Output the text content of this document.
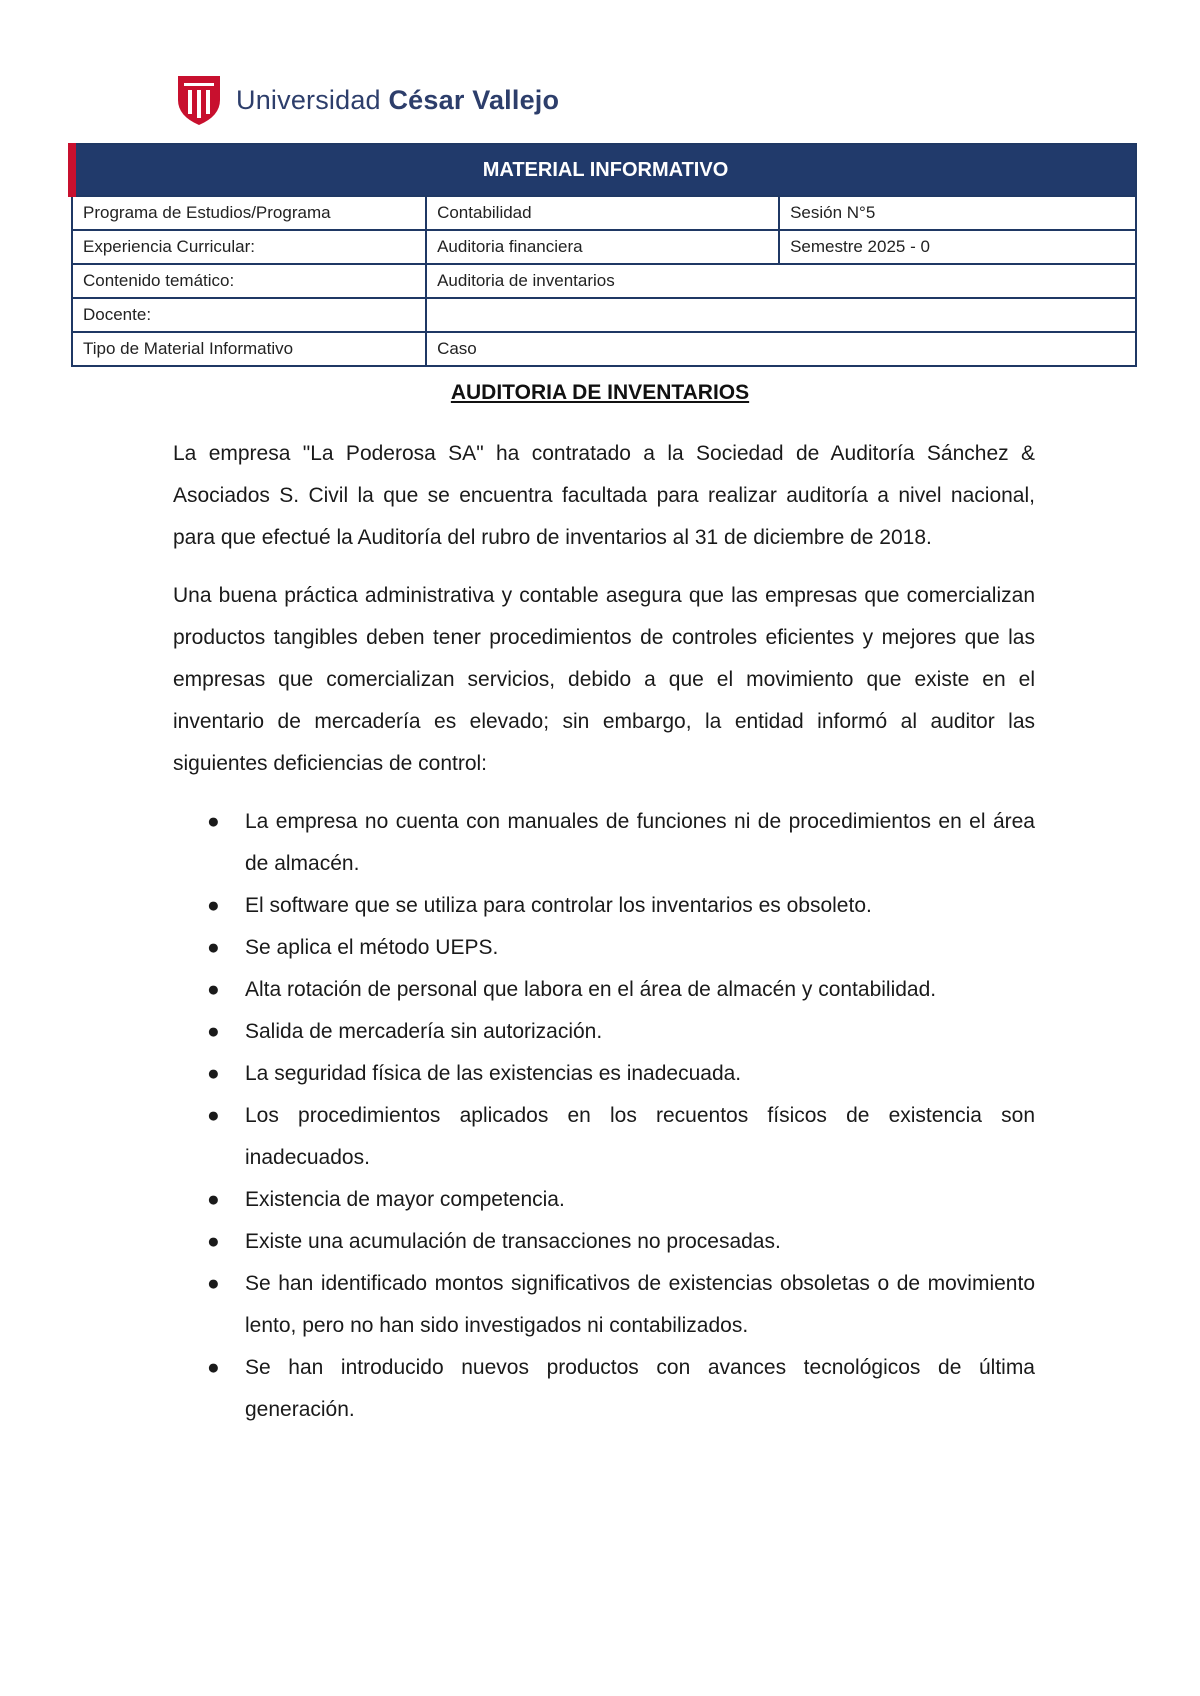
Universidad César Vallejo
MATERIAL INFORMATIVO		
Programa de Estudios/Programa	Contabilidad	Sesión N°5
Experiencia Curricular:	Auditoria financiera	Semestre 2025 - 0
Contenido temático:	Auditoria de inventarios	
Docente:		
Tipo de Material Informativo	Caso	
AUDITORIA DE INVENTARIOS

La empresa "La Poderosa SA" ha contratado a la Sociedad de Auditoría Sánchez & Asociados S. Civil la que se encuentra facultada para realizar auditoría a nivel nacional, para que efectué la Auditoría del rubro de inventarios al 31 de diciembre de 2018.

Una buena práctica administrativa y contable asegura que las empresas que comercializan productos tangibles deben tener procedimientos de controles eficientes y mejores que las empresas que comercializan servicios, debido a que el movimiento que existe en el inventario de mercadería es elevado; sin embargo, la entidad informó al auditor las siguientes deficiencias de control:

● La empresa no cuenta con manuales de funciones ni de procedimientos en el área de almacén.
● El software que se utiliza para controlar los inventarios es obsoleto.
● Se aplica el método UEPS.
● Alta rotación de personal que labora en el área de almacén y contabilidad.
● Salida de mercadería sin autorización.
● La seguridad física de las existencias es inadecuada.
● Los procedimientos aplicados en los recuentos físicos de existencia son inadecuados.
● Existencia de mayor competencia.
● Existe una acumulación de transacciones no procesadas.
● Se han identificado montos significativos de existencias obsoletas o de movimiento lento, pero no han sido investigados ni contabilizados.
● Se han introducido nuevos productos con avances tecnológicos de última generación.
